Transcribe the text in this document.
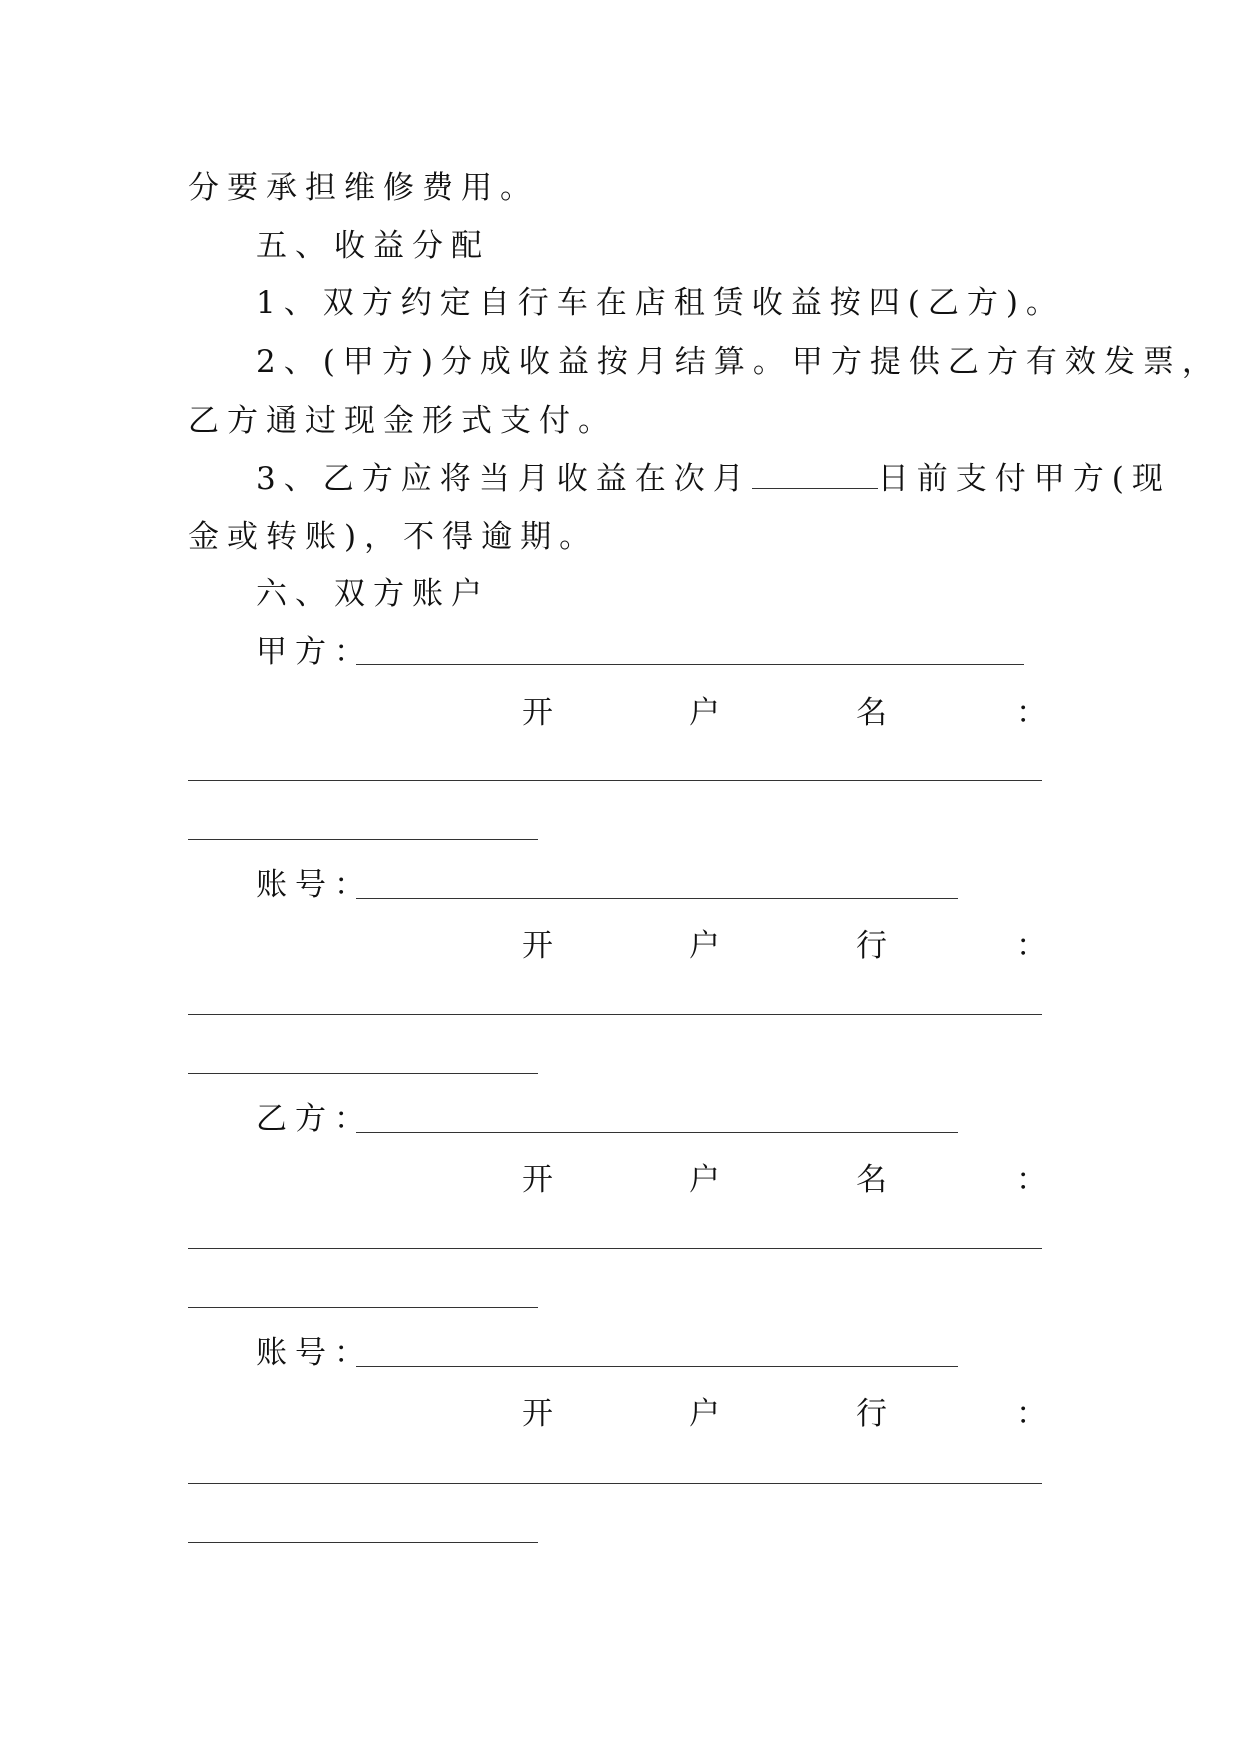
分要承担维修费用。
五、收益分配
1、双方约定自行车在店租赁收益按四(乙方)。
2、(甲方)分成收益按月结算。甲方提供乙方有效发票，
乙方通过现金形式支付。
3、乙方应将当月收益在次月	日前支付甲方(现
金或转账)，不得逾期。
六、双方账户
甲方：
开	户	名	：
账号：
开	户	行	：
乙方：
开	户	名	：
账号：
开	户	行	：
